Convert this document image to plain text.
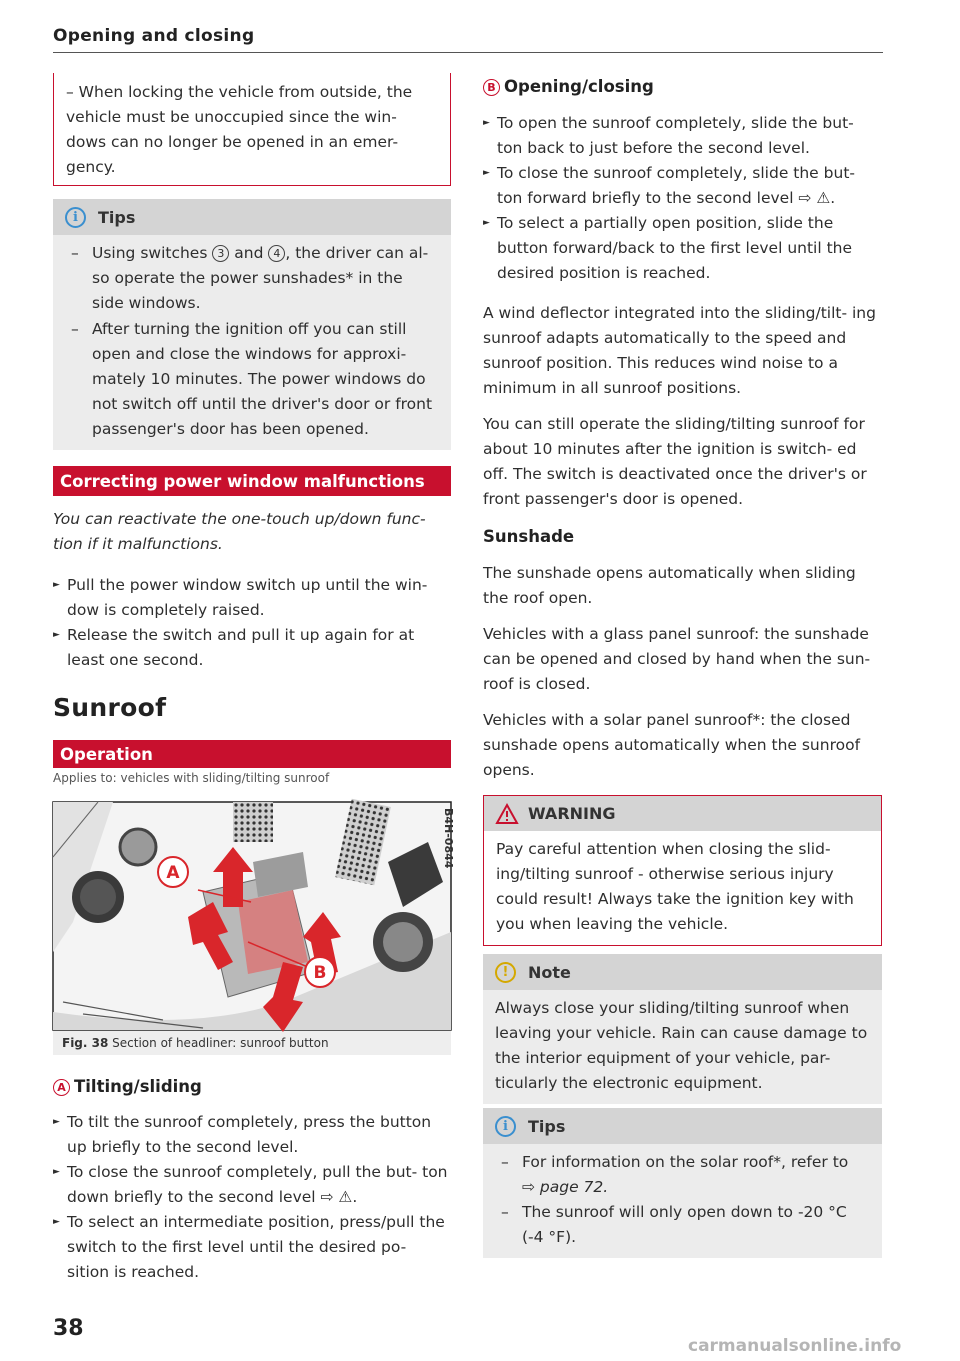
Opening and closing
– When locking the vehicle from outside, the vehicle must be unoccupied since the win- dows can no longer be opened in an emer- gency.
i	Tips
– Using switches 3 and 4 , the driver can al- so operate the power sunshades* in the side windows.
– After turning the ignition off you can still open and close the windows for approxi- mately 10 minutes. The power windows do not switch off until the driver's door or front passenger's door has been opened.
Correcting power window malfunctions
You can reactivate the one-touch up/down func- tion if it malfunctions.
► Pull the power window switch up until the win- dow is completely raised.
► Release the switch and pull it up again for at least one second.
Sunroof
Operation
Applies to: vehicles with sliding/tilting sunroof
A
B
B4H-0844
Fig. 38 Section of headliner: sunroof button
A Tilting/sliding
► To tilt the sunroof completely, press the button up briefly to the second level.
► To close the sunroof completely, pull the but- ton down briefly to the second level ⇨ ⚠.
► To select an intermediate position, press/pull the switch to the first level until the desired po- sition is reached.
38
B Opening/closing
► To open the sunroof completely, slide the but- ton back to just before the second level.
► To close the sunroof completely, slide the but- ton forward briefly to the second level ⇨ ⚠.
► To select a partially open position, slide the button forward/back to the first level until the desired position is reached.
A wind deflector integrated into the sliding/tilt- ing sunroof adapts automatically to the speed and sunroof position. This reduces wind noise to a minimum in all sunroof positions.
You can still operate the sliding/tilting sunroof for about 10 minutes after the ignition is switch- ed off. The switch is deactivated once the driver's or front passenger's door is opened.
Sunshade
The sunshade opens automatically when sliding the roof open.
Vehicles with a glass panel sunroof: the sunshade can be opened and closed by hand when the sun- roof is closed.
Vehicles with a solar panel sunroof*: the closed sunshade opens automatically when the sunroof opens.
WARNING
Pay careful attention when closing the slid- ing/tilting sunroof - otherwise serious injury could result! Always take the ignition key with you when leaving the vehicle.
!	Note
Always close your sliding/tilting sunroof when leaving your vehicle. Rain can cause damage to the interior equipment of your vehicle, par- ticularly the electronic equipment.
i	Tips
– For information on the solar roof*, refer to
⇨ page 72.
– The sunroof will only open down to -20 °C (-4 °F).
carmanualsonline.info
